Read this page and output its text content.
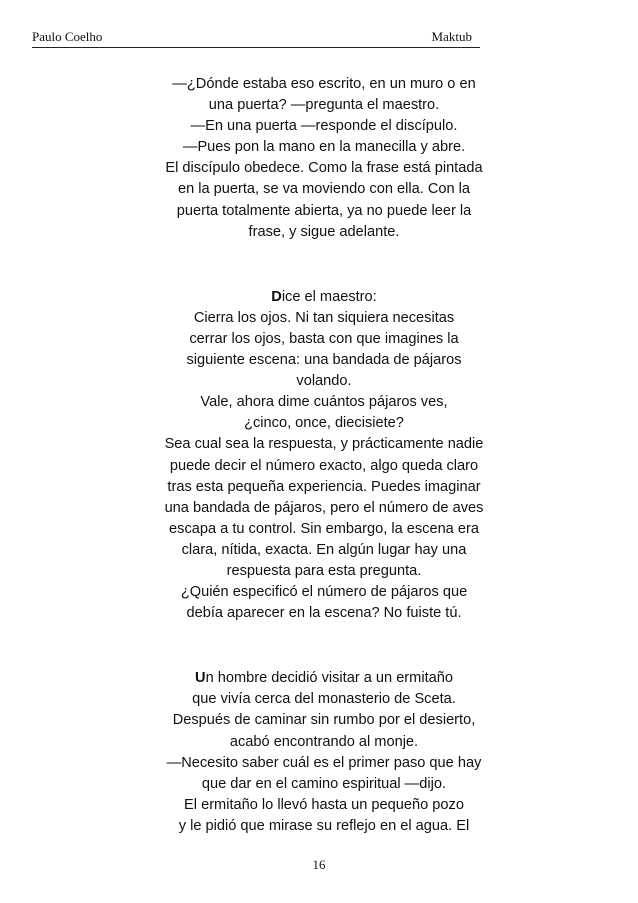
Paulo Coelho	Maktub
—¿Dónde estaba eso escrito, en un muro o en
una puerta? —pregunta el maestro.
—En una puerta —responde el discípulo.
—Pues pon la mano en la manecilla y abre.
El discípulo obedece. Como la frase está pintada
en la puerta, se va moviendo con ella. Con la
puerta totalmente abierta, ya no puede leer la
frase, y sigue adelante.
Dice el maestro:
Cierra los ojos. Ni tan siquiera necesitas
cerrar los ojos, basta con que imagines la
siguiente escena: una bandada de pájaros
volando.
Vale, ahora dime cuántos pájaros ves,
¿cinco, once, diecisiete?
Sea cual sea la respuesta, y prácticamente nadie
puede decir el número exacto, algo queda claro
tras esta pequeña experiencia. Puedes imaginar
una bandada de pájaros, pero el número de aves
escapa a tu control. Sin embargo, la escena era
clara, nítida, exacta. En algún lugar hay una
respuesta para esta pregunta.
¿Quién especificó el número de pájaros que
debía aparecer en la escena? No fuiste tú.
Un hombre decidió visitar a un ermitaño
que vivía cerca del monasterio de Sceta.
Después de caminar sin rumbo por el desierto,
acabó encontrando al monje.
—Necesito saber cuál es el primer paso que hay
que dar en el camino espiritual —dijo.
El ermitaño lo llevó hasta un pequeño pozo
y le pidió que mirase su reflejo en el agua. El
16
